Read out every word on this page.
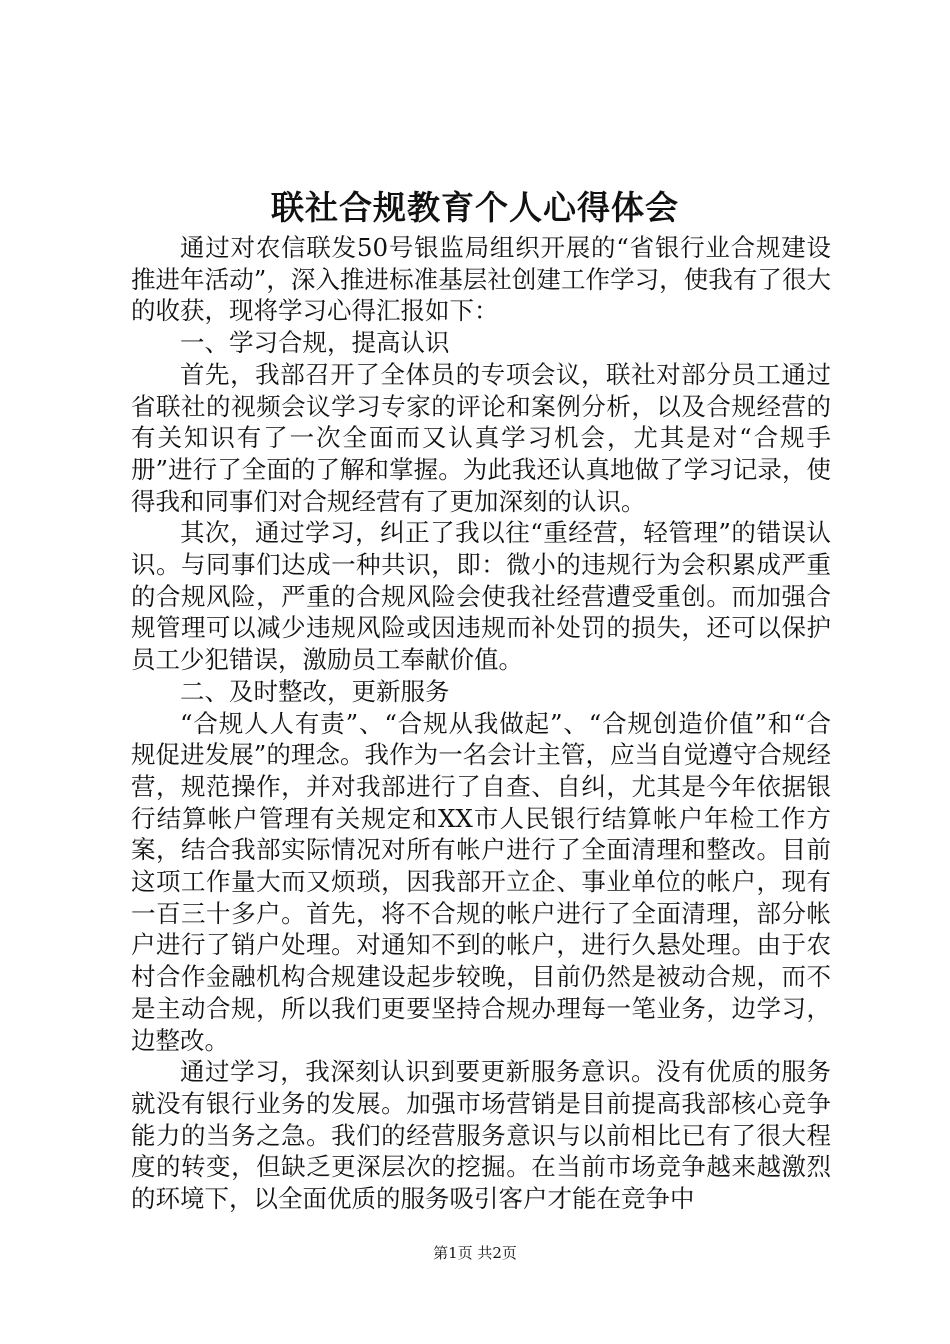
联社合规教育个人心得体会

通过对农信联发50号银监局组织开展的“省银行业合规建设推进年活动”，深入推进标准基层社创建工作学习，使我有了很大的收获，现将学习心得汇报如下：

一、学习合规，提高认识

首先，我部召开了全体员的专项会议，联社对部分员工通过省联社的视频会议学习专家的评论和案例分析，以及合规经营的有关知识有了一次全面而又认真学习机会，尤其是对“合规手册”进行了全面的了解和掌握。为此我还认真地做了学习记录，使得我和同事们对合规经营有了更加深刻的认识。

其次，通过学习，纠正了我以往“重经营，轻管理”的错误认识。与同事们达成一种共识，即：微小的违规行为会积累成严重的合规风险，严重的合规风险会使我社经营遭受重创。而加强合规管理可以减少违规风险或因违规而补处罚的损失，还可以保护员工少犯错误，激励员工奉献价值。

二、及时整改，更新服务

“合规人人有责”、“合规从我做起”、“合规创造价值”和“合规促进发展”的理念。我作为一名会计主管，应当自觉遵守合规经营，规范操作，并对我部进行了自查、自纠，尤其是今年依据银行结算帐户管理有关规定和XX市人民银行结算帐户年检工作方案，结合我部实际情况对所有帐户进行了全面清理和整改。目前这项工作量大而又烦琐，因我部开立企、事业单位的帐户，现有一百三十多户。首先，将不合规的帐户进行了全面清理，部分帐户进行了销户处理。对通知不到的帐户，进行久悬处理。由于农村合作金融机构合规建设起步较晚，目前仍然是被动合规，而不是主动合规，所以我们更要坚持合规办理每一笔业务，边学习，边整改。

通过学习，我深刻认识到要更新服务意识。没有优质的服务就没有银行业务的发展。加强市场营销是目前提高我部核心竞争能力的当务之急。我们的经营服务意识与以前相比已有了很大程度的转变，但缺乏更深层次的挖掘。在当前市场竞争越来越激烈的环境下，以全面优质的服务吸引客户才能在竞争中

第1页 共2页
